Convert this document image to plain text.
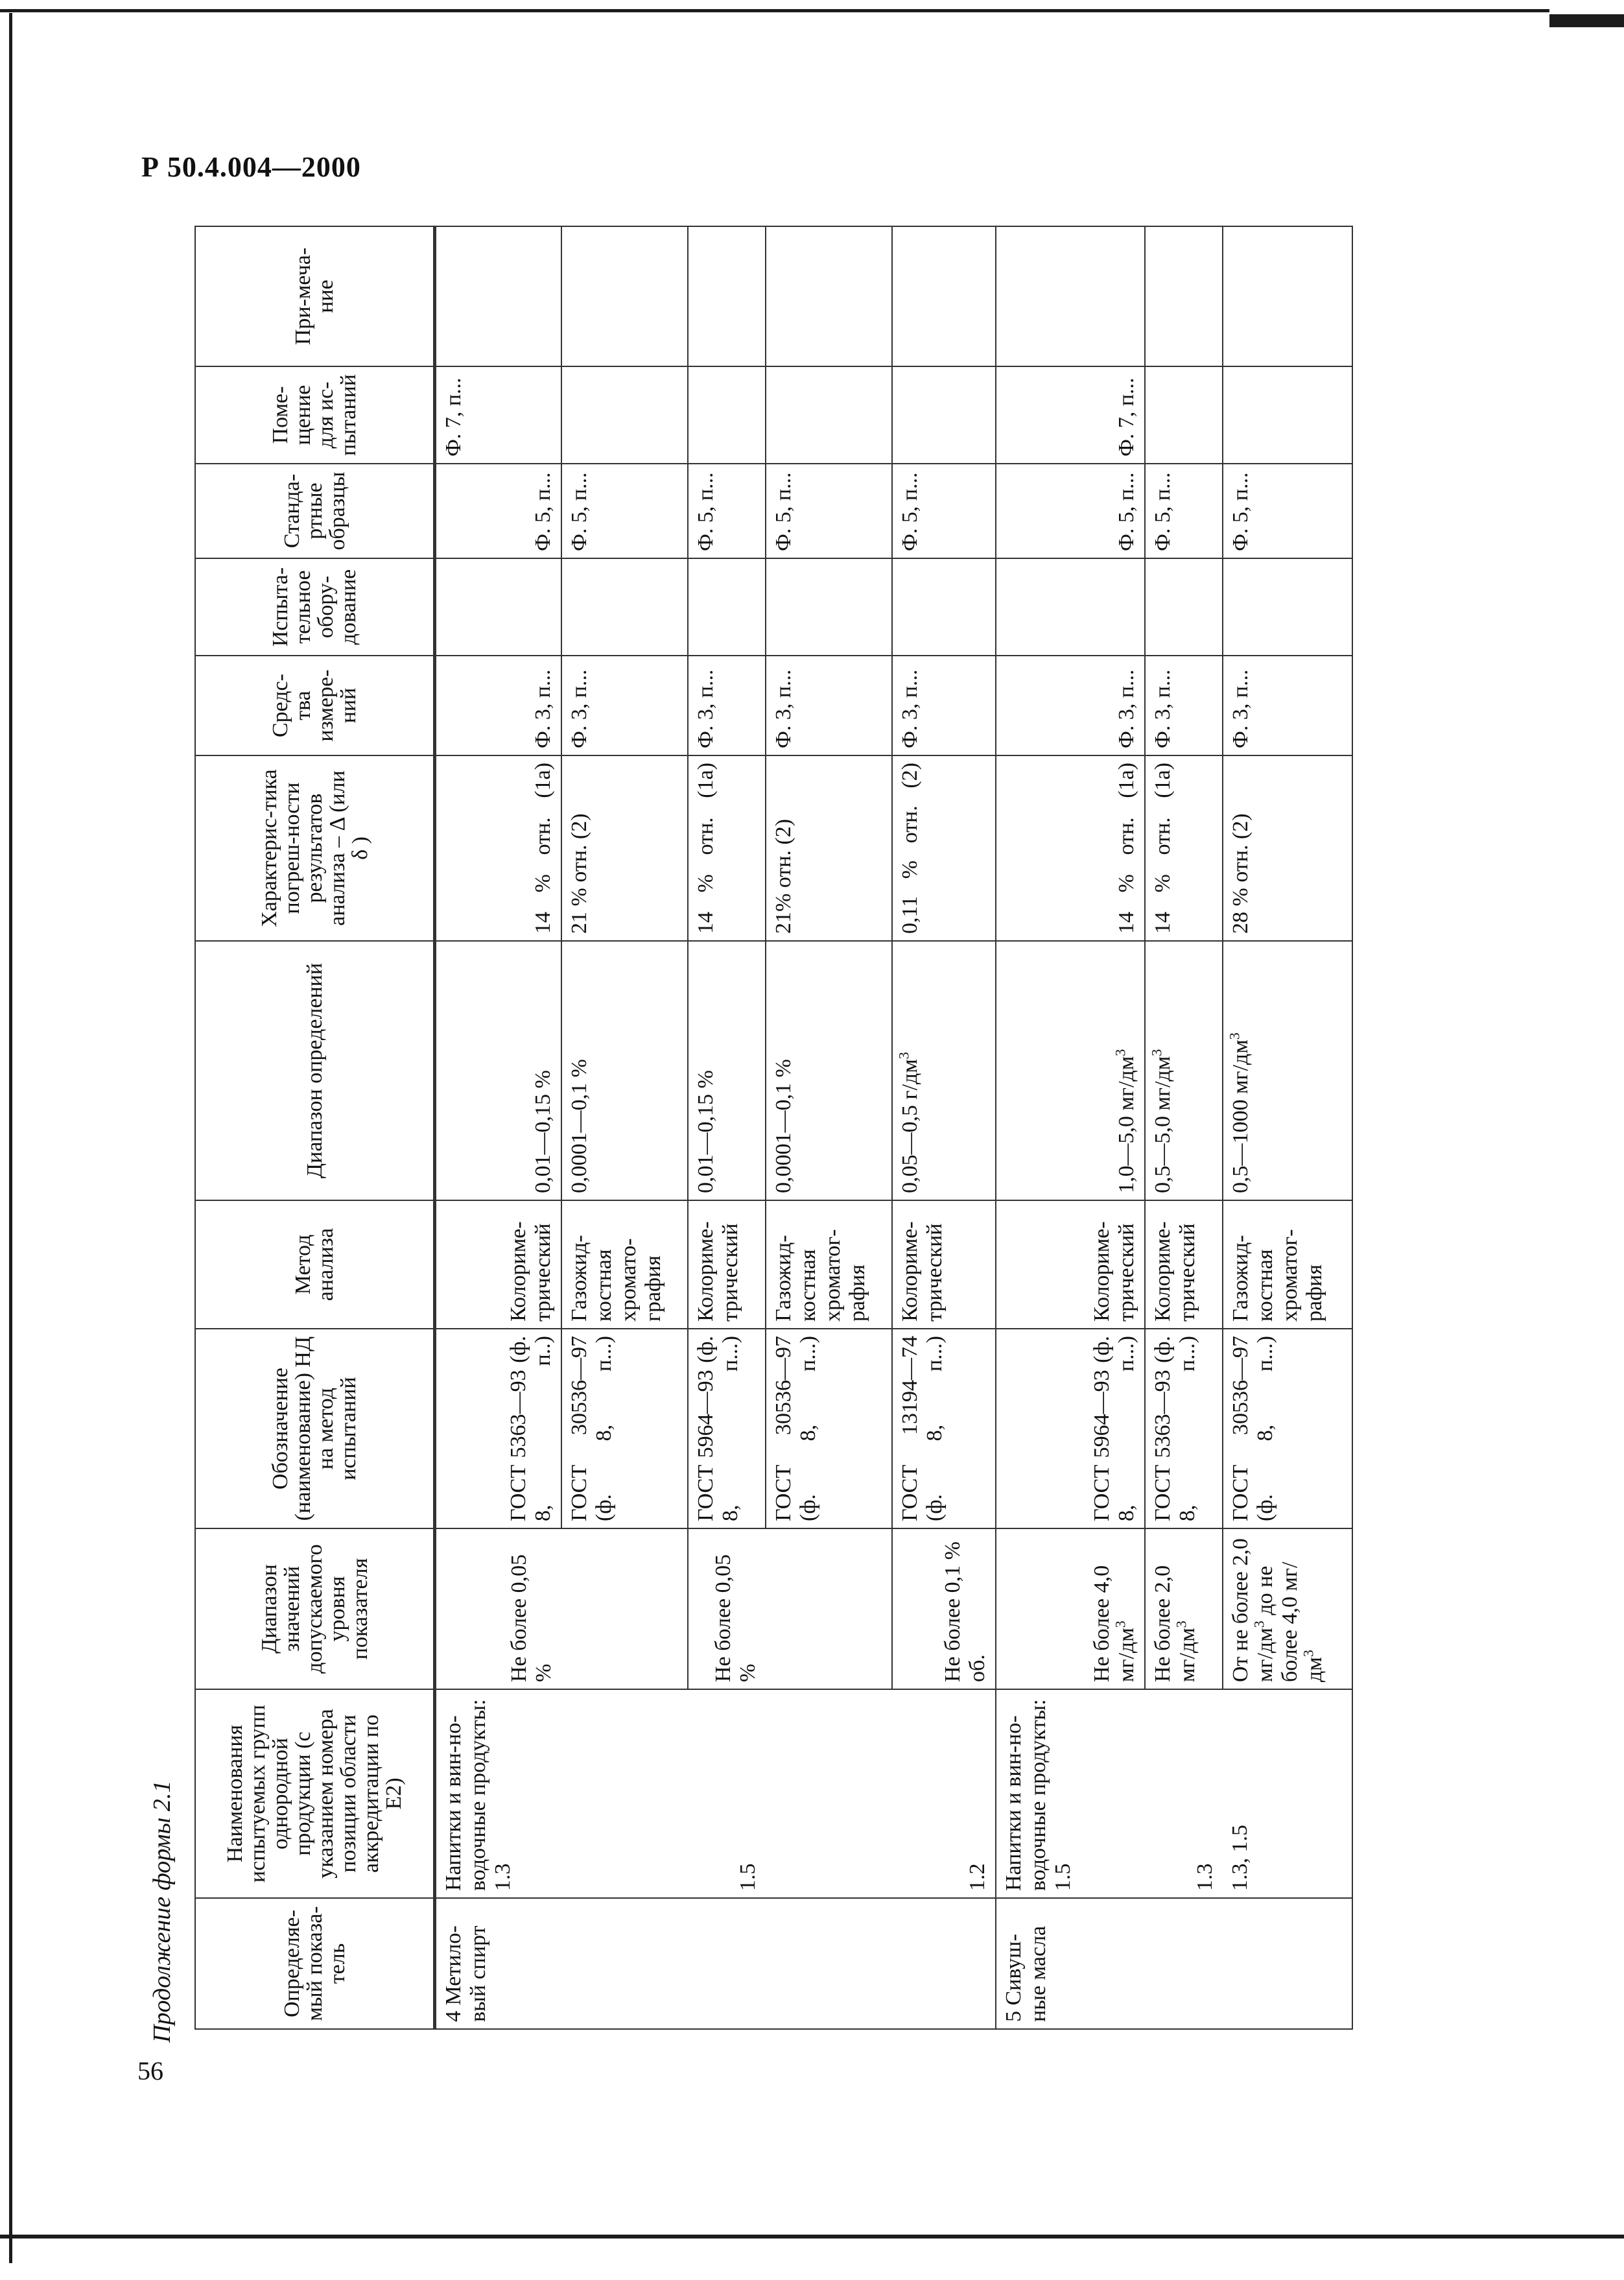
Р 50.4.004—2000
56
Продолжение формы 2.1	Определяе-мый показа-тель	Наименования испытуемых групп однородной продукции (с указанием номера позиции области аккредитации по Е2)	Диапазон значений допускаемого уровня показателя	Обозначение (наименование) НД на метод испытаний	Метод анализа	Диапазон определений	Характерис-тика погреш-ности результатов анализа – Δ (или δ )	Средс-тва измере-ний	Испыта-тельное обору-дование	Станда-ртные образцы	Поме-щение для ис-пытаний	При-меча-ние
4 Метило-вый спирт	Напитки и вин-но-водочные продукты: 1.3	Не более 0,05 %	ГОСТ 5363—93 (ф. 8, п..)	Колориме-трический	0,01—0,15 %	14 % отн. (1а)	Ф. 3, п...		Ф. 5, п...	Ф. 7, п...	
			ГОСТ 30536—97 (ф. 8, п...)	Газожид-костная хромато-графия	0,0001—0,1 %	21 % отн. (2)	Ф. 3, п...		Ф. 5, п...		
	1.5	Не более 0,05 %	ГОСТ 5964—93 (ф. 8, п...)	Колориме-трический	0,01—0,15 %	14 % отн. (1а)	Ф. 3, п...		Ф. 5, п...		
			ГОСТ 30536—97 (ф. 8, п...)	Газожид-костная хроматог-рафия	0,0001—0,1 %	21% отн. (2)	Ф. 3, п...		Ф. 5, п...		
	1.2	Не более 0,1 % об.	ГОСТ 13194—74 (ф. 8, п...)	Колориме-трический	0,05—0,5 $г/дм^3$	0,11 % отн. (2)	Ф. 3, п...		Ф. 5, п...		
5 Сивуш-ные масла	Напитки и вин-но-водочные продукты: 1.5	Не более 4,0 $мг/дм^3$	ГОСТ 5964—93 (ф. 8, п...)	Колориме-трический	1,0—5,0 $мг/дм^3$	14 % отн. (1а)	Ф. 3, п...		Ф. 5, п...	Ф. 7, п...	
	1.3	Не более 2,0 $мг/дм^3$	ГОСТ 5363—93 (ф. 8, п...)	Колориме-трический	0,5—5,0 $мг/дм^3$	14 % отн. (1а)	Ф. 3, п...		Ф. 5, п...		
	1.3, 1.5	От не более 2,0 $мг/дм^3$ до не более 4,0 $мг/дм^3$	ГОСТ 30536—97 (ф. 8, п...)	Газожид-костная хроматог-рафия	0,5—1000 $мг/дм^3$	28 % отн. (2)	Ф. 3, п...		Ф. 5, п...		
